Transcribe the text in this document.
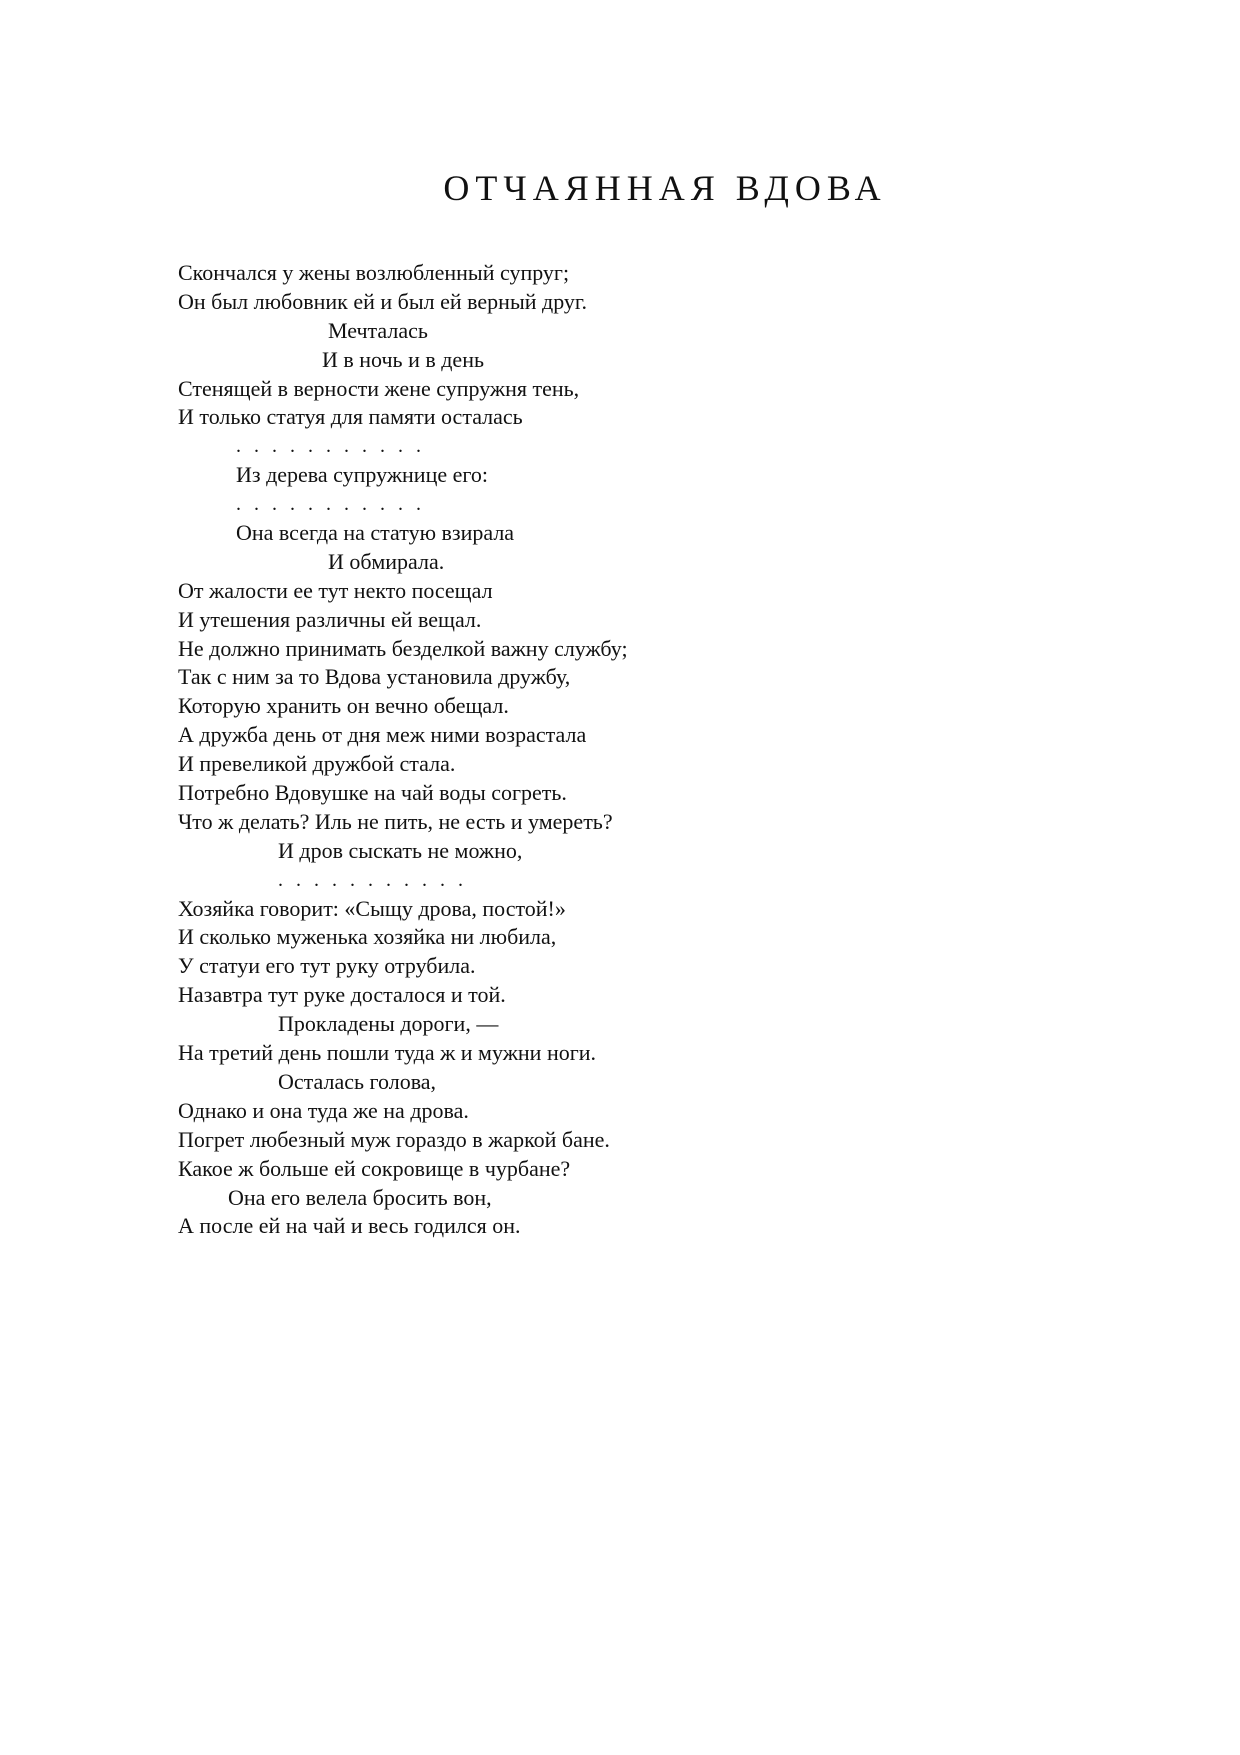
ОТЧАЯННАЯ ВДОВА
Скончался у жены возлюбленный супруг;
Он был любовник ей и был ей верный друг.
Мечталась
И в ночь и в день
Стенящей в верности жене супружня тень,
И только статуя для памяти осталась
. . . . . . . . . . .
Из дерева супружнице его:
. . . . . . . . . . .
Она всегда на статую взирала
И обмирала.
От жалости ее тут некто посещал
И утешения различны ей вещал.
Не должно принимать безделкой важну службу;
Так с ним за то Вдова установила дружбу,
Которую хранить он вечно обещал.
А дружба день от дня меж ними возрастала
И превеликой дружбой стала.
Потребно Вдовушке на чай воды согреть.
Что ж делать? Иль не пить, не есть и умереть?
И дров сыскать не можно,
. . . . . . . . . . .
Хозяйка говорит: «Сыщу дрова, постой!»
И сколько муженька хозяйка ни любила,
У статуи его тут руку отрубила.
Назавтра тут руке досталося и той.
Прокладены дороги, —
На третий день пошли туда ж и мужни ноги.
Осталась голова,
Однако и она туда же на дрова.
Погрет любезный муж гораздо в жаркой бане.
Какое ж больше ей сокровище в чурбане?
Она его велела бросить вон,
А после ей на чай и весь годился он.
